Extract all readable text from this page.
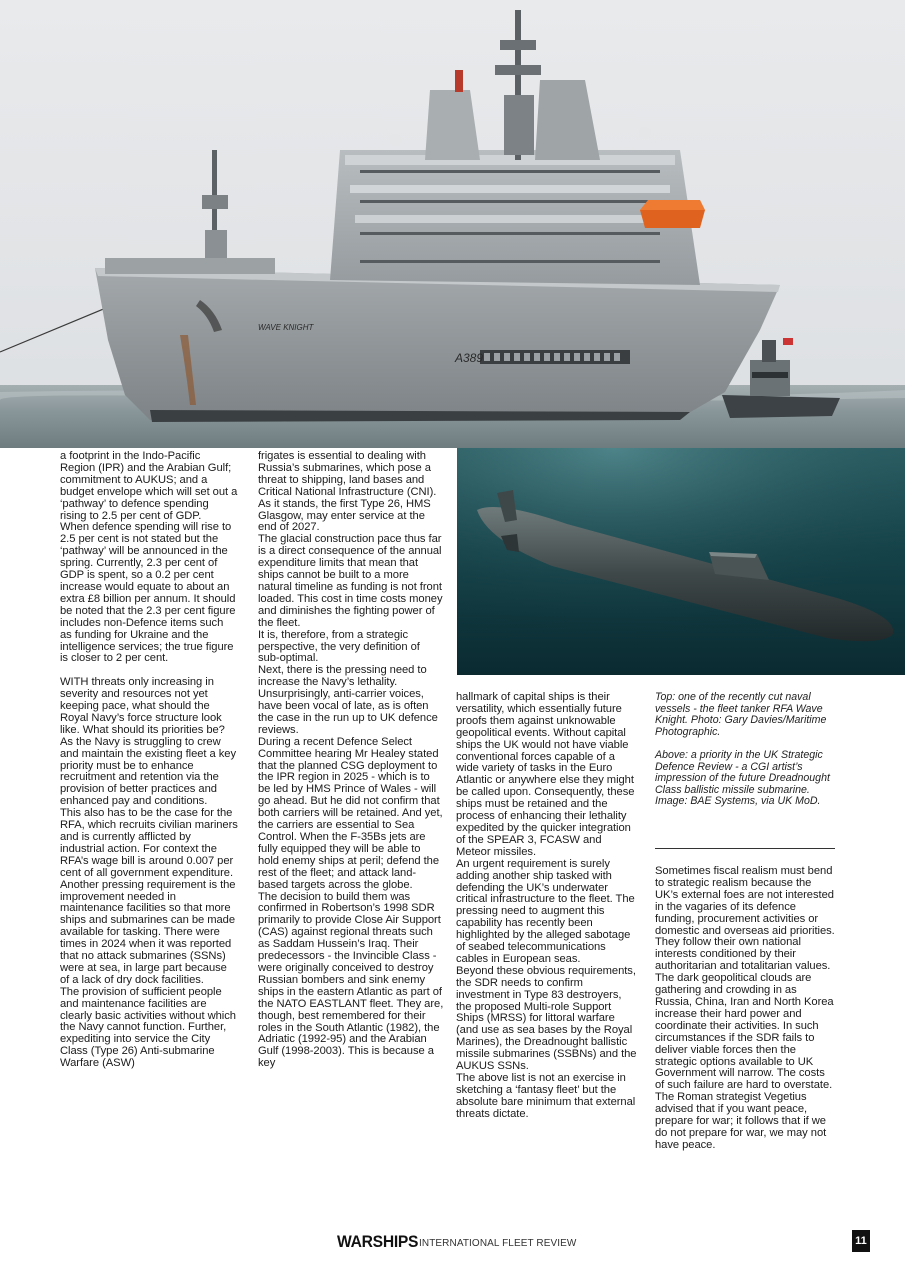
A389
WAVE KNIGHT

a footprint in the Indo-Pacific Region (IPR) and the Arabian Gulf; commitment to AUKUS; and a budget envelope which will set out a ‘pathway’ to defence spending rising to 2.5 per cent of GDP.

When defence spending will rise to 2.5 per cent is not stated but the ‘pathway’ will be announced in the spring. Currently, 2.3 per cent of GDP is spent, so a 0.2 per cent increase would equate to about an extra £8 billion per annum. It should be noted that the 2.3 per cent figure includes non-Defence items such as funding for Ukraine and the intelligence services; the true figure is closer to 2 per cent.

WITH threats only increasing in severity and resources not yet keeping pace, what should the Royal Navy’s force structure look like. What should its priorities be? As the Navy is struggling to crew and maintain the existing fleet a key priority must be to enhance recruitment and retention via the provision of better practices and enhanced pay and conditions.

This also has to be the case for the RFA, which recruits civilian mariners and is currently afflicted by industrial action. For context the RFA’s wage bill is around 0.007 per cent of all government expenditure.

Another pressing requirement is the improvement needed in maintenance facilities so that more ships and submarines can be made available for tasking. There were times in 2024 when it was reported that no attack submarines (SSNs) were at sea, in large part because of a lack of dry dock facilities.

The provision of sufficient people and maintenance facilities are clearly basic activities without which the Navy cannot function. Further, expediting into service the City Class (Type 26) Anti-submarine Warfare (ASW)

frigates is essential to dealing with Russia’s submarines, which pose a threat to shipping, land bases and Critical National Infrastructure (CNI).

As it stands, the first Type 26, HMS Glasgow, may enter service at the end of 2027.

The glacial construction pace thus far is a direct consequence of the annual expenditure limits that mean that ships cannot be built to a more natural timeline as funding is not front loaded. This cost in time costs money and diminishes the fighting power of the fleet.

It is, therefore, from a strategic perspective, the very definition of sub-optimal.

Next, there is the pressing need to increase the Navy’s lethality. Unsurprisingly, anti-carrier voices, have been vocal of late, as is often the case in the run up to UK defence reviews.

During a recent Defence Select Committee hearing Mr Healey stated that the planned CSG deployment to the IPR region in 2025 - which is to be led by HMS Prince of Wales - will go ahead. But he did not confirm that both carriers will be retained. And yet, the carriers are essential to Sea Control. When the F-35Bs jets are fully equipped they will be able to hold enemy ships at peril; defend the rest of the fleet; and attack land-based targets across the globe.

The decision to build them was confirmed in Robertson’s 1998 SDR primarily to provide Close Air Support (CAS) against regional threats such as Saddam Hussein’s Iraq. Their predecessors - the Invincible Class - were originally conceived to destroy Russian bombers and sink enemy ships in the eastern Atlantic as part of the NATO EASTLANT fleet. They are, though, best remembered for their roles in the South Atlantic (1982), the Adriatic (1992-95) and the Arabian Gulf (1998-2003). This is because a key

hallmark of capital ships is their versatility, which essentially future proofs them against unknowable geopolitical events. Without capital ships the UK would not have viable conventional forces capable of a wide variety of tasks in the Euro Atlantic or anywhere else they might be called upon. Consequently, these ships must be retained and the process of enhancing their lethality expedited by the quicker integration of the SPEAR 3, FCASW and Meteor missiles.

An urgent requirement is surely adding another ship tasked with defending the UK’s underwater critical infrastructure to the fleet. The pressing need to augment this capability has recently been highlighted by the alleged sabotage of seabed telecommunications cables in European seas.

Beyond these obvious requirements, the SDR needs to confirm investment in Type 83 destroyers, the proposed Multi-role Support Ships (MRSS) for littoral warfare (and use as sea bases by the Royal Marines), the Dreadnought ballistic missile submarines (SSBNs) and the AUKUS SSNs.

The above list is not an exercise in sketching a ‘fantasy fleet’ but the absolute bare minimum that external threats dictate.

Top: one of the recently cut naval vessels - the fleet tanker RFA Wave Knight. Photo: Gary Davies/Maritime Photographic.

Above: a priority in the UK Strategic Defence Review - a CGI artist’s impression of the future Dreadnought Class ballistic missile submarine. Image: BAE Systems, via UK MoD.

Sometimes fiscal realism must bend to strategic realism because the UK’s external foes are not interested in the vagaries of its defence funding, procurement activities or domestic and overseas aid priorities. They follow their own national interests conditioned by their authoritarian and totalitarian values.

The dark geopolitical clouds are gathering and crowding in as Russia, China, Iran and North Korea increase their hard power and coordinate their activities. In such circumstances if the SDR fails to deliver viable forces then the strategic options available to UK Government will narrow. The costs of such failure are hard to overstate. The Roman strategist Vegetius advised that if you want peace, prepare for war; it follows that if we do not prepare for war, we may not have peace.

WARSHIPS INTERNATIONAL FLEET REVIEW	11
